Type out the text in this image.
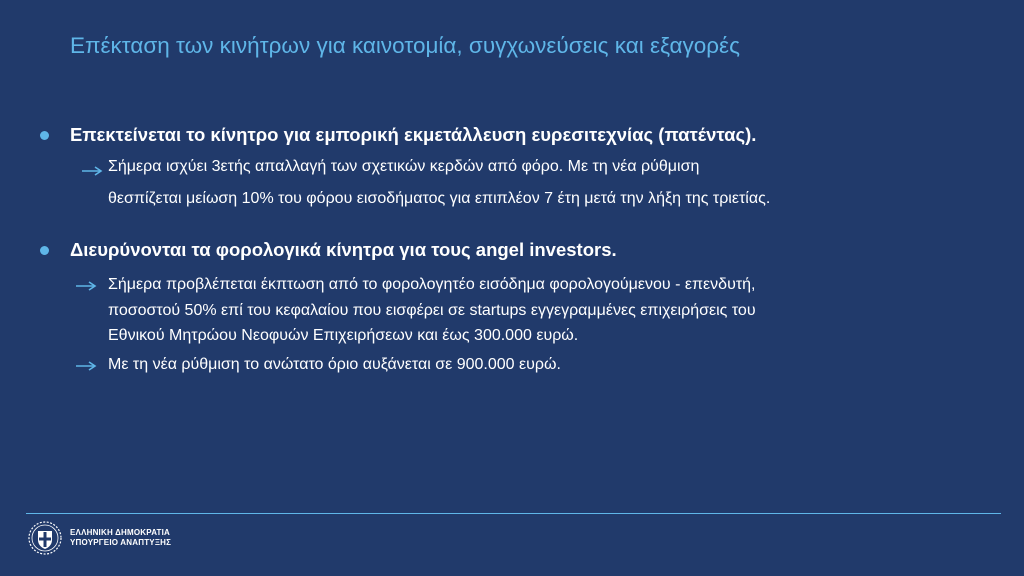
Επέκταση των κινήτρων για καινοτομία, συγχωνεύσεις και εξαγορές
Επεκτείνεται το κίνητρο για εμπορική εκμετάλλευση ευρεσιτεχνίας (πατέντας).
Σήμερα ισχύει 3ετής απαλλαγή των σχετικών κερδών από φόρο. Με τη νέα ρύθμιση
θεσπίζεται μείωση 10% του φόρου εισοδήματος για επιπλέον 7 έτη μετά την λήξη της τριετίας.
Διευρύνονται τα φορολογικά κίνητρα για τους angel investors.
Σήμερα προβλέπεται έκπτωση από το φορολογητέο εισόδημα φορολογούμενου - επενδυτή,
ποσοστού 50% επί του κεφαλαίου που εισφέρει σε startups εγγεγραμμένες επιχειρήσεις του
Εθνικού Μητρώου Νεοφυών Επιχειρήσεων και έως 300.000 ευρώ.
Με τη νέα ρύθμιση το ανώτατο όριο αυξάνεται σε 900.000 ευρώ.
ΕΛΛΗΝΙΚΗ ΔΗΜΟΚΡΑΤΙΑ
ΥΠΟΥΡΓΕΙΟ ΑΝΑΠΤΥΞΗΣ
